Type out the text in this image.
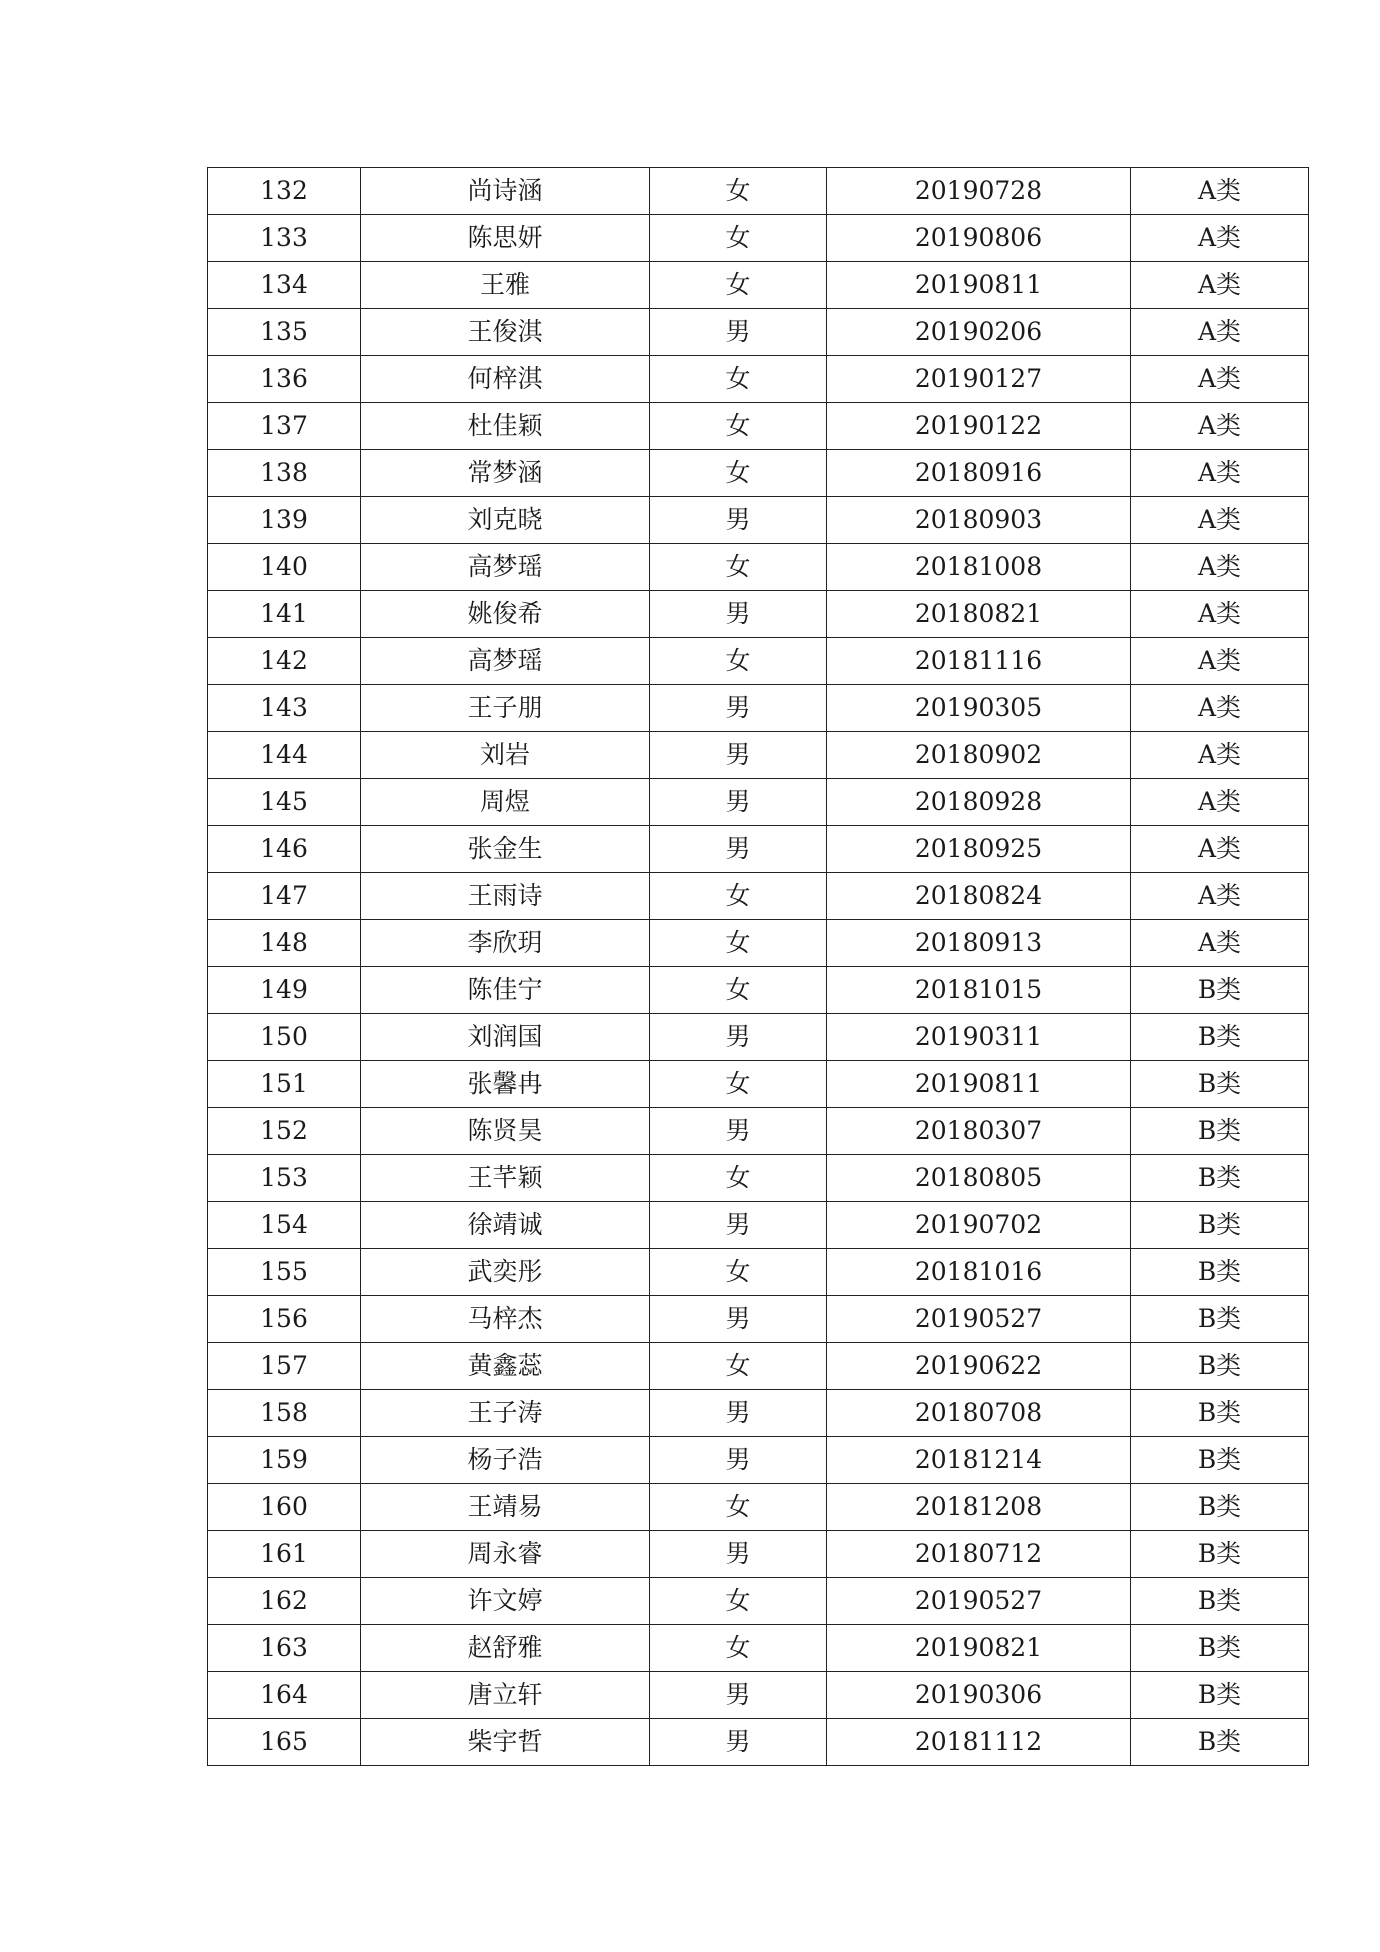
132	尚诗涵	女	20190728	A类
133	陈思妍	女	20190806	A类
134	王雅	女	20190811	A类
135	王俊淇	男	20190206	A类
136	何梓淇	女	20190127	A类
137	杜佳颖	女	20190122	A类
138	常梦涵	女	20180916	A类
139	刘克晓	男	20180903	A类
140	高梦瑶	女	20181008	A类
141	姚俊希	男	20180821	A类
142	高梦瑶	女	20181116	A类
143	王子朋	男	20190305	A类
144	刘岩	男	20180902	A类
145	周煜	男	20180928	A类
146	张金生	男	20180925	A类
147	王雨诗	女	20180824	A类
148	李欣玥	女	20180913	A类
149	陈佳宁	女	20181015	B类
150	刘润国	男	20190311	B类
151	张馨冉	女	20190811	B类
152	陈贤昊	男	20180307	B类
153	王芊颖	女	20180805	B类
154	徐靖诚	男	20190702	B类
155	武奕彤	女	20181016	B类
156	马梓杰	男	20190527	B类
157	黄鑫蕊	女	20190622	B类
158	王子涛	男	20180708	B类
159	杨子浩	男	20181214	B类
160	王靖易	女	20181208	B类
161	周永睿	男	20180712	B类
162	许文婷	女	20190527	B类
163	赵舒雅	女	20190821	B类
164	唐立轩	男	20190306	B类
165	柴宇哲	男	20181112	B类
